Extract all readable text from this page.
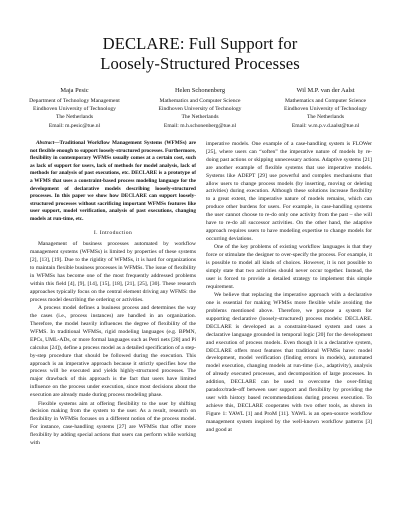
DECLARE: Full Support for
Loosely-Structured Processes
Maja Pesic
Department of Technology Management
Eindhoven University of Technology
The Netherlands
Email: m.pesic@tue.nl
Helen Schonenberg
Mathematics and Computer Science
Eindhoven University of Technology
The Netherlands
Email: m.h.schonenberg@tue.nl
Wil M.P. van der Aalst
Mathematics and Computer Science
Eindhoven University of Technology
The Netherlands
Email: w.m.p.v.d.aalst@tue.nl

Abstract—Traditional Workflow Management Systems (WFMSs) are not flexible enough to support loosely-structured processes. Furthermore, flexibility in contemporary WFMSs usually comes at a certain cost, such as lack of support for users, lack of methods for model analysis, lack of methods for analysis of past executions, etc. DECLARE is a prototype of a WFMS that uses a constraint-based process modeling language for the development of declarative models describing loosely-structured processes. In this paper we show how DECLARE can support loosely-structured processes without sacrificing important WFMSs features like user support, model verification, analysis of past executions, changing models at run-time, etc.

I. Introduction

Management of business processes automated by workflow management systems (WFMSs) is limited by properties of these systems [2], [13], [19]. Due to the rigidity of WFMSs, it is hard for organizations to maintain flexible business processes in WFMSs. The issue of flexibility in WFMSs has become one of the most frequently addressed problems within this field [4], [9], [14], [15], [18], [21], [25], [30]. These research approaches typically focus on the central element driving any WFMS: the process model describing the ordering or activities.

A process model defines a business process and determines the way the cases (i.e., process instances) are handled in an organization. Therefore, the model heavily influences the degree of flexibility of the WFMS. In traditional WFMSs, rigid modeling languages (e.g. BPMN, EPCs, UML-ADs, or more formal languages such as Petri nets [28] and Pi calculus [24]), define a process model as a detailed specification of a step-by-step procedure that should be followed during the execution. This approach is an imperative approach because it strictly specifies how the process will be executed and yields highly-structured processes. The major drawback of this approach is the fact that users have limited influence on the process under execution, since most decisions about the execution are already made during process modeling phase.

Flexible systems aim at offering flexibility to the user by shifting decision making from the system to the user. As a result, research on flexibility in WFMSs focuses on a different notion of the process model. For instance, case-handling systems [27] are WFMSs that offer more flexibility by adding special actions that users can perform while working with

imperative models. One example of a case-handling system is FLOWer [25], where users can “soften” the imperative nature of models by re-doing past actions or skipping unnecessary actions. Adaptive systems [21] are another example of flexible systems that use imperative models. Systems like ADEPT [29] use powerful and complex mechanisms that allow users to change process models (by inserting, moving or deleting activities) during execution. Although these solutions increase flexibility to a great extent, the imperative nature of models remains, which can produce other burdens for users. For example, in case-handling systems the user cannot choose to re-do only one activity from the past – she will have to re-do all successor activities. On the other hand, the adaptive approach requires users to have modeling expertise to change models for occurring deviations.

One of the key problems of existing workflow languages is that they force or stimulate the designer to over-specify the process. For example, it is possible to model all kinds of choices. However, it is not possible to simply state that two activities should never occur together. Instead, the user is forced to provide a detailed strategy to implement this simple requirement.

We believe that replacing the imperative approach with a declarative one is essential for making WFMSs more flexible while avoiding the problems mentioned above. Therefore, we propose a system for supporting declarative (loosely-structured) process models: DECLARE. DECLARE is developed as a constraint-based system and uses a declarative language grounded in temporal logic [20] for the development and execution of process models. Even though it is a declarative system, DECLARE offers most features that traditional WFMSs have: model development, model verification (finding errors in models), automated model execution, changing models at run-time (i.e., adaptivity), analysis of already executed processes, and decomposition of large processes. In addition, DECLARE can be used to overcome the over-fitting paradox/trade-off between user support and flexibility by providing the user with history based recommendations during process execution. To achieve this, DECLARE cooperates with two other tools, as shown in Figure 1: YAWL [1] and ProM [11]. YAWL is an open-source workflow management system inspired by the well-known workflow patterns [3] and good at
